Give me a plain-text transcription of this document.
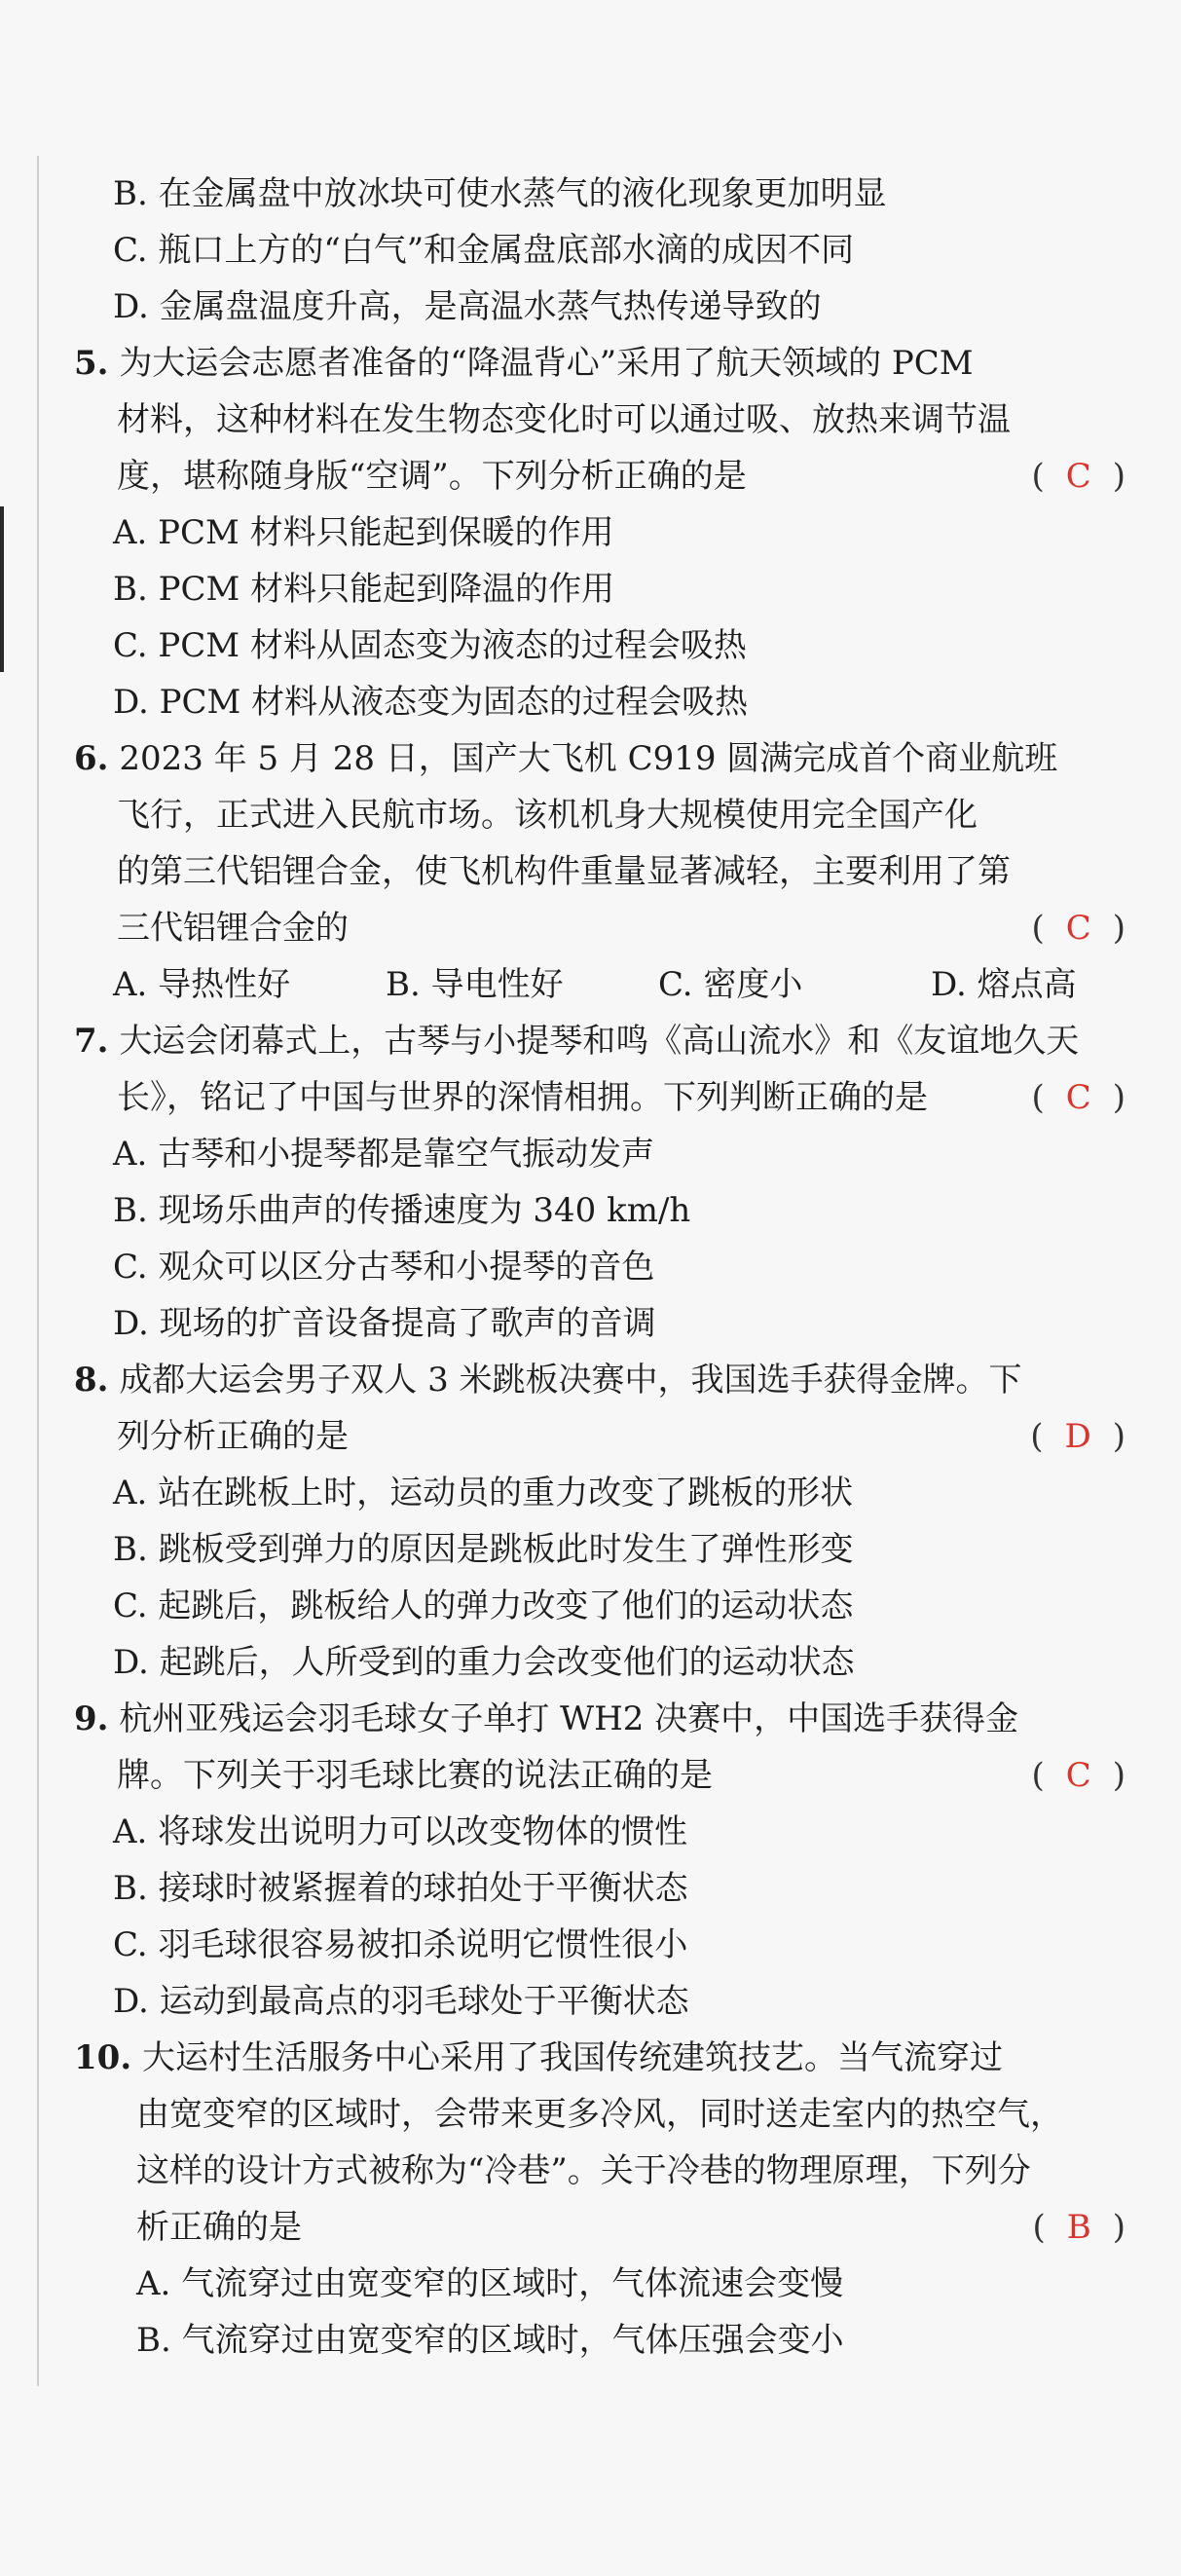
B. 在金属盘中放冰块可使水蒸气的液化现象更加明显
C. 瓶口上方的“白气”和金属盘底部水滴的成因不同
D. 金属盘温度升高，是高温水蒸气热传递导致的
5. 为大运会志愿者准备的“降温背心”采用了航天领域的 PCM
材料，这种材料在发生物态变化时可以通过吸、放热来调节温
度，堪称随身版“空调”。下列分析正确的是	( C )
A. PCM 材料只能起到保暖的作用
B. PCM 材料只能起到降温的作用
C. PCM 材料从固态变为液态的过程会吸热
D. PCM 材料从液态变为固态的过程会吸热
6. 2023 年 5 月 28 日，国产大飞机 C919 圆满完成首个商业航班
飞行，正式进入民航市场。该机机身大规模使用完全国产化
的第三代铝锂合金，使飞机构件重量显著减轻，主要利用了第
三代铝锂合金的	( C )
A. 导热性好	B. 导电性好	C. 密度小	D. 熔点高
7. 大运会闭幕式上，古琴与小提琴和鸣《高山流水》和《友谊地久天
长》，铭记了中国与世界的深情相拥。下列判断正确的是	( C )
A. 古琴和小提琴都是靠空气振动发声
B. 现场乐曲声的传播速度为 340 km/h
C. 观众可以区分古琴和小提琴的音色
D. 现场的扩音设备提高了歌声的音调
8. 成都大运会男子双人 3 米跳板决赛中，我国选手获得金牌。下
列分析正确的是	( D )
A. 站在跳板上时，运动员的重力改变了跳板的形状
B. 跳板受到弹力的原因是跳板此时发生了弹性形变
C. 起跳后，跳板给人的弹力改变了他们的运动状态
D. 起跳后，人所受到的重力会改变他们的运动状态
9. 杭州亚残运会羽毛球女子单打 WH2 决赛中，中国选手获得金
牌。下列关于羽毛球比赛的说法正确的是	( C )
A. 将球发出说明力可以改变物体的惯性
B. 接球时被紧握着的球拍处于平衡状态
C. 羽毛球很容易被扣杀说明它惯性很小
D. 运动到最高点的羽毛球处于平衡状态
10. 大运村生活服务中心采用了我国传统建筑技艺。当气流穿过
由宽变窄的区域时，会带来更多冷风，同时送走室内的热空气，
这样的设计方式被称为“冷巷”。关于冷巷的物理原理，下列分
析正确的是	( B )
A. 气流穿过由宽变窄的区域时，气体流速会变慢
B. 气流穿过由宽变窄的区域时，气体压强会变小
